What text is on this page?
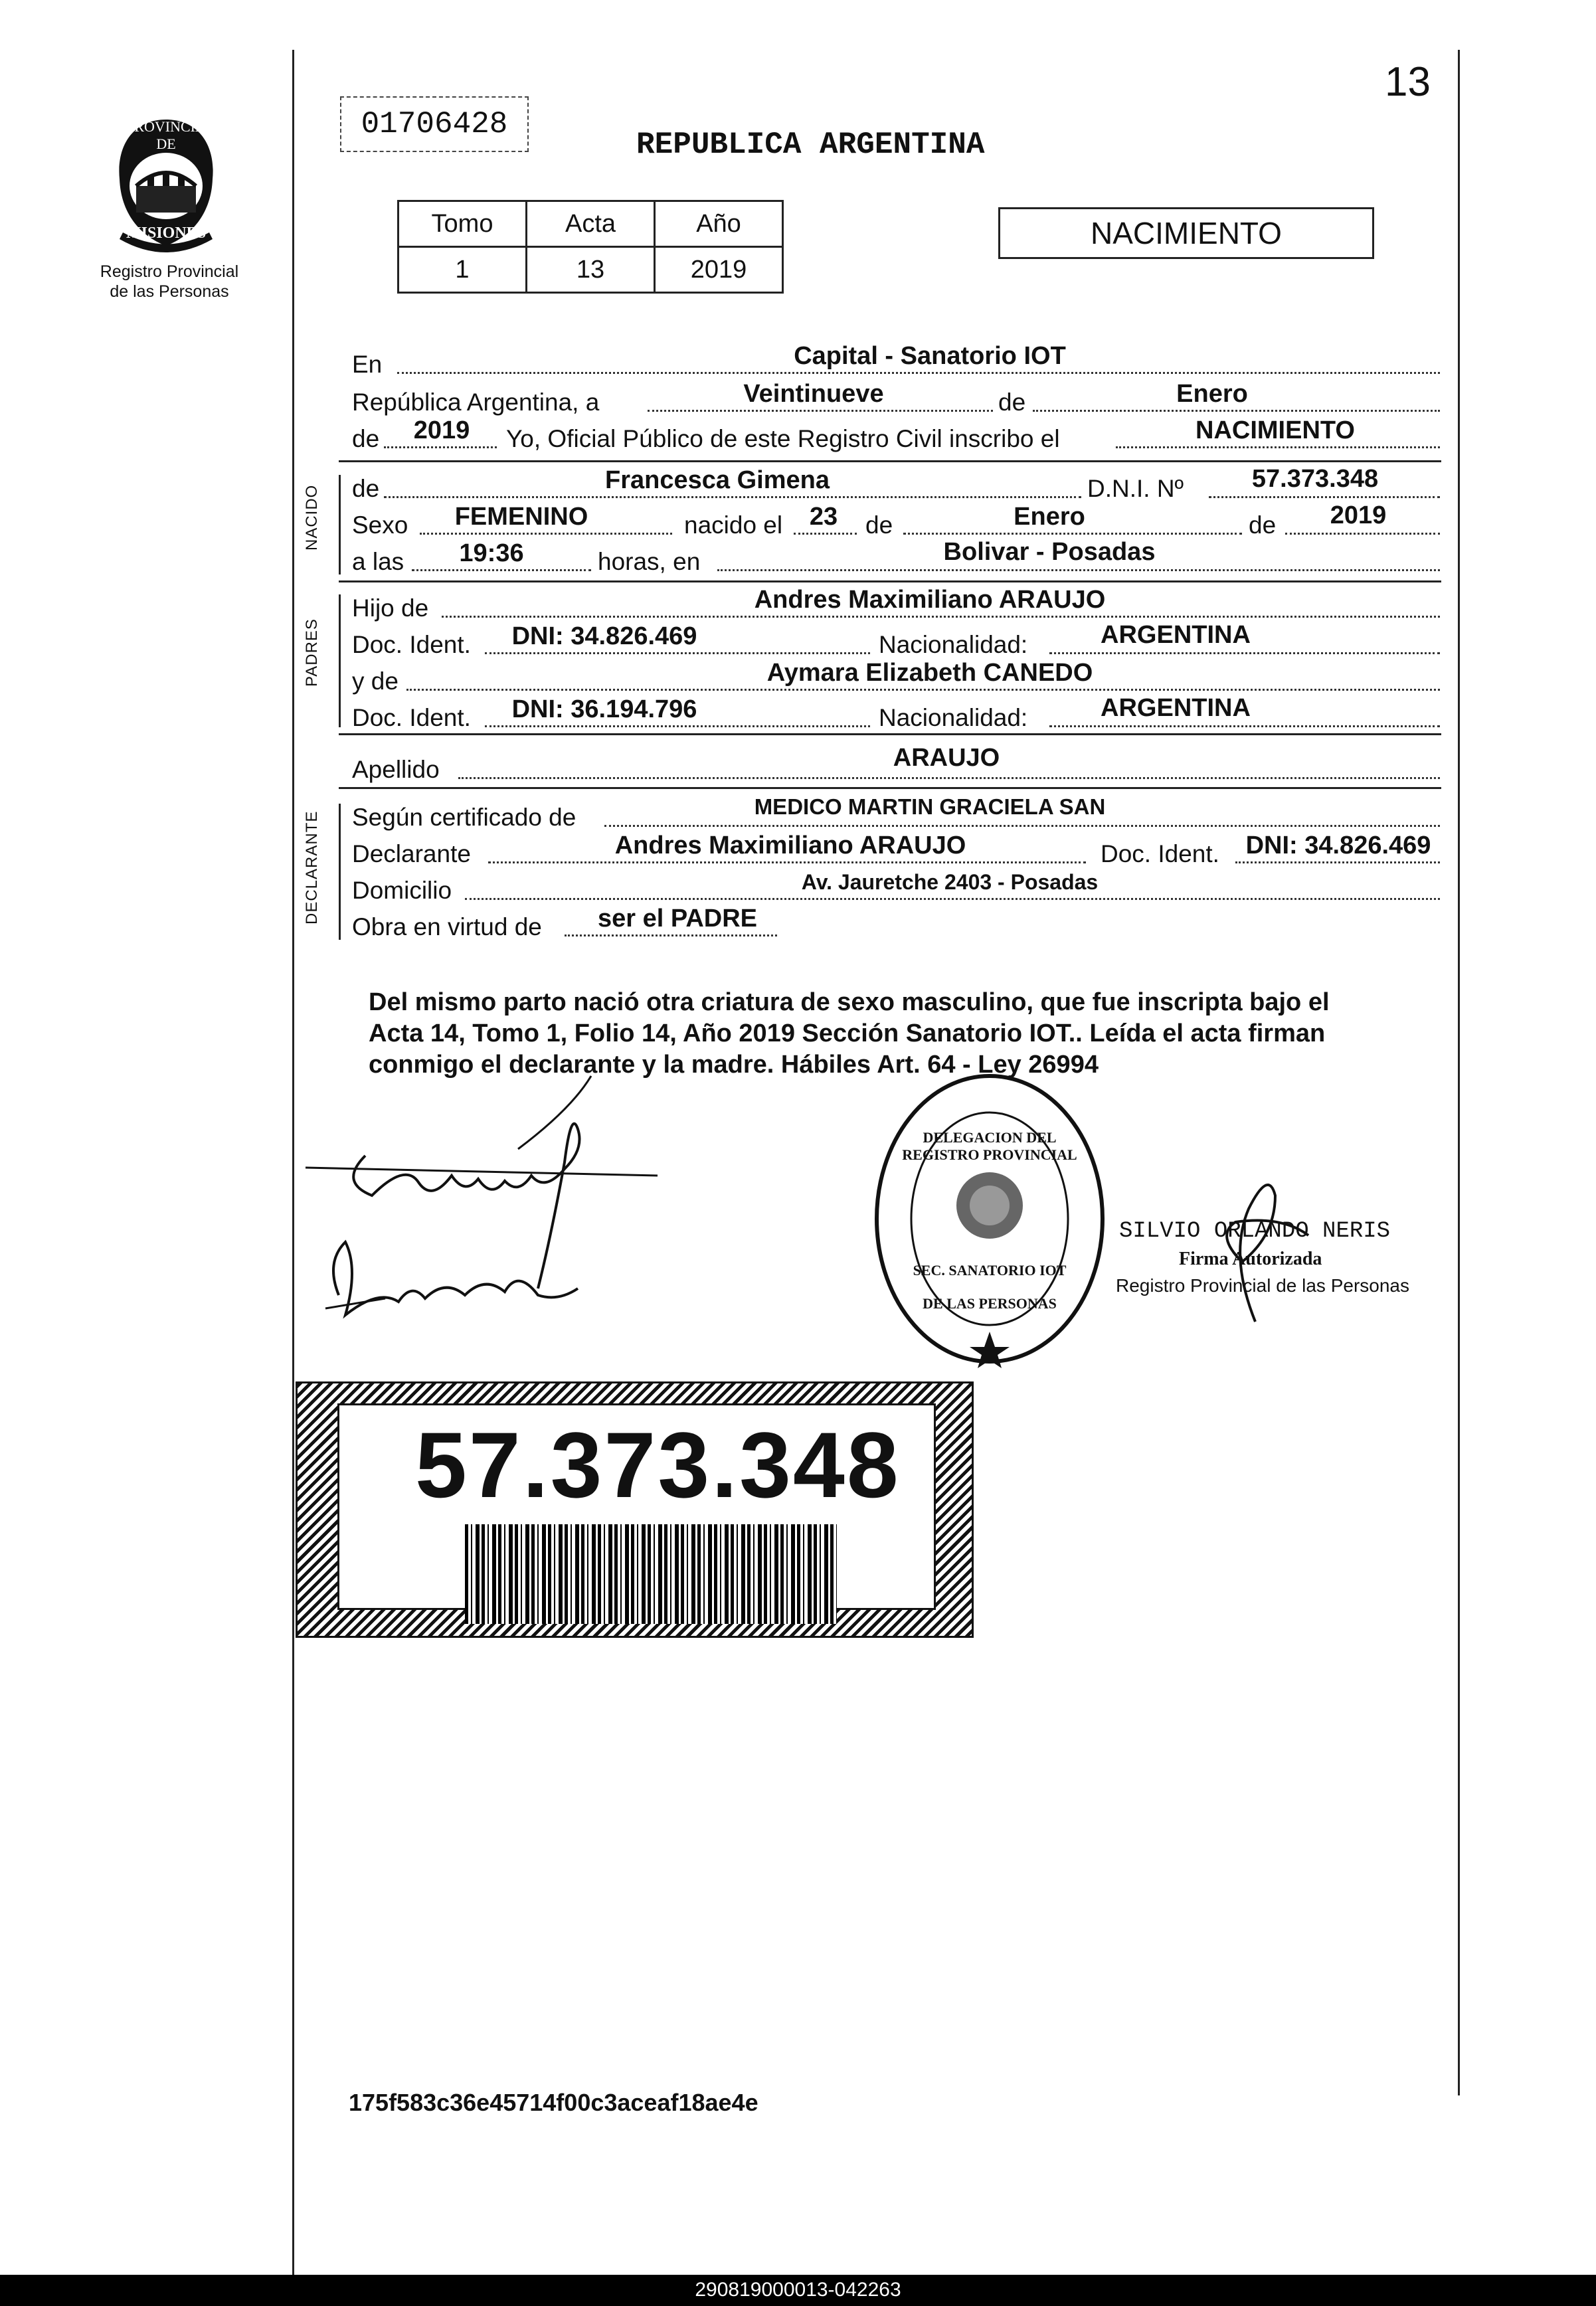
13
PROVINCIA DE
MISIONES
Registro Provincial
de las Personas
01706428
REPUBLICA ARGENTINA
Tomo	Acta	Año
1	13	2019
NACIMIENTO
En	Capital - Sanatorio IOT
República Argentina, a	Veintinueve	de	Enero
de	2019	Yo, Oficial Público de este Registro Civil inscribo el	NACIMIENTO
NACIDO de	Francesca Gimena	D.N.I. Nº	57.373.348
Sexo	FEMENINO	nacido el	23	de	Enero	de	2019
a las	19:36	horas, en	Bolivar - Posadas
PADRES
Hijo de	Andres Maximiliano ARAUJO
Doc. Ident.	DNI: 34.826.469	Nacionalidad:	ARGENTINA
y de	Aymara Elizabeth CANEDO
Doc. Ident.	DNI: 36.194.796	Nacionalidad:	ARGENTINA
Apellido	ARAUJO
DECLARANTE Según certificado de	MEDICO MARTIN GRACIELA SAN
Declarante	Andres Maximiliano ARAUJO	Doc. Ident. DNI: 34.826.469
Domicilio	Av. Jauretche 2403 - Posadas
Obra en virtud de	ser el PADRE
Del mismo parto nació otra criatura de sexo masculino, que fue inscripta bajo el
Acta 14, Tomo 1, Folio 14, Año 2019 Sección Sanatorio IOT.. Leída el acta firman
conmigo el declarante y la madre. Hábiles Art. 64 - Ley 26994
DELEGACION DEL REGISTRO PROVINCIAL
DE LAS PERSONAS
SEC. SANATORIO IOT
SILVIO ORLANDO NERIS
Firma Autorizada
Registro Provincial de las Personas
57.373.348
175f583c36e45714f00c3aceaf18ae4e
290819000013-042263
